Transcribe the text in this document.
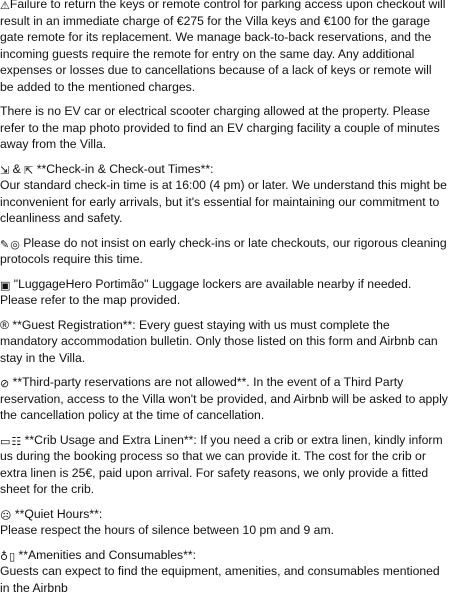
⚠Failure to return the keys or remote control for parking access upon checkout will result in an immediate charge of €275 for the Villa keys and €100 for the garage gate remote for its replacement. We manage back-to-back reservations, and the incoming guests require the remote for entry on the same day. Any additional expenses or losses due to cancellations because of a lack of keys or remote will be added to the mentioned charges.

There is no EV car or electrical scooter charging allowed at the property. Please refer to the map photo provided to find an EV charging facility a couple of minutes away from the Villa.

⇲ & ⇱ **Check-in & Check-out Times**:
Our standard check-in time is at 16:00 (4 pm) or later. We understand this might be inconvenient for early arrivals, but it's essential for maintaining our commitment to cleanliness and safety.

✎◎ Please do not insist on early check-ins or late checkouts, our rigorous cleaning protocols require this time.

▣ "LuggageHero Portimão" Luggage lockers are available nearby if needed. Please refer to the map provided.

® **Guest Registration**: Every guest staying with us must complete the mandatory accommodation bulletin. Only those listed on this form and Airbnb can stay in the Villa.

⊘ **Third-party reservations are not allowed**. In the event of a Third Party reservation, access to the Villa won't be provided, and Airbnb will be asked to apply the cancellation policy at the time of cancellation.

▭☷ **Crib Usage and Extra Linen**: If you need a crib or extra linen, kindly inform us during the booking process so that we can provide it. The cost for the crib or extra linen is 25€, paid upon arrival. For safety reasons, we only provide a fitted sheet for the crib.

☹ **Quiet Hours**:
Please respect the hours of silence between 10 pm and 9 am.

♁▯ **Amenities and Consumables**:
Guests can expect to find the equipment, amenities, and consumables mentioned in the Airbnb
